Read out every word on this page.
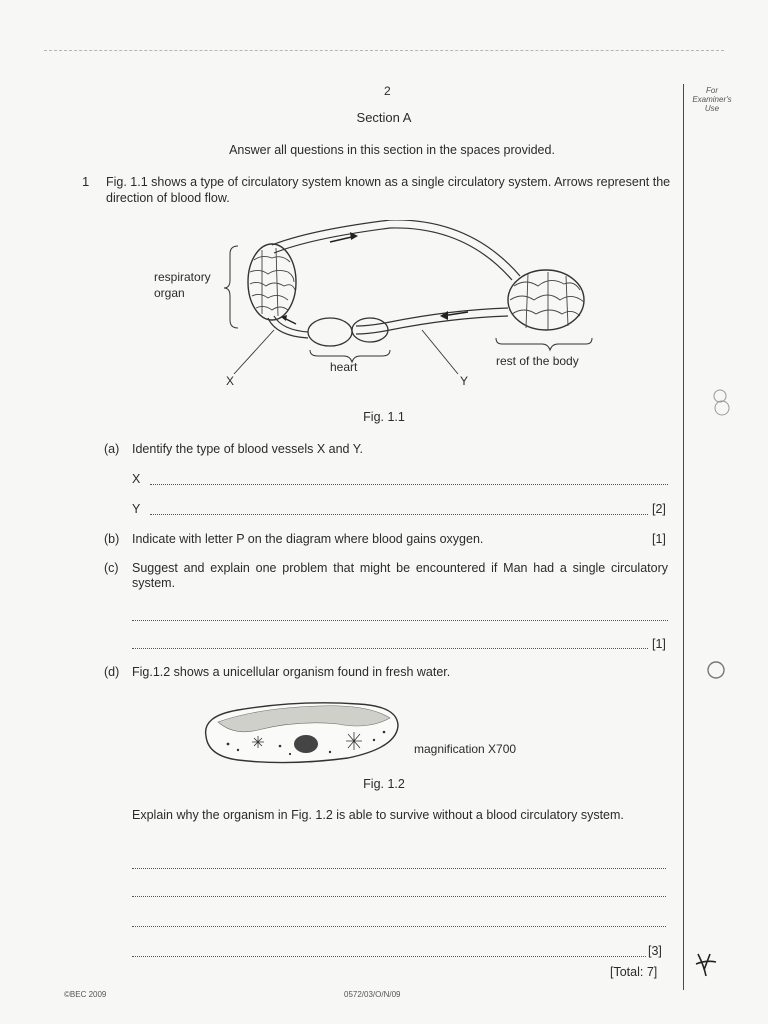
For
Examiner's
Use
2
Section A
Answer all questions in this section in the spaces provided.
1 Fig. 1.1 shows a type of circulatory system known as a single circulatory system. Arrows represent the direction of blood flow.
respiratory
organ
heart	rest of the body
X	Y
Fig. 1.1
(a) Identify the type of blood vessels X and Y.
X
Y	[2]
(b) Indicate with letter P on the diagram where blood gains oxygen.	[1]
(c) Suggest and explain one problem that might be encountered if Man had a single circulatory system.
[1]
(d) Fig.1.2 shows a unicellular organism found in fresh water.
magnification X700
Fig. 1.2
Explain why the organism in Fig. 1.2 is able to survive without a blood circulatory system.
[3]
[Total: 7]
©BEC 2009	0572/03/O/N/09
